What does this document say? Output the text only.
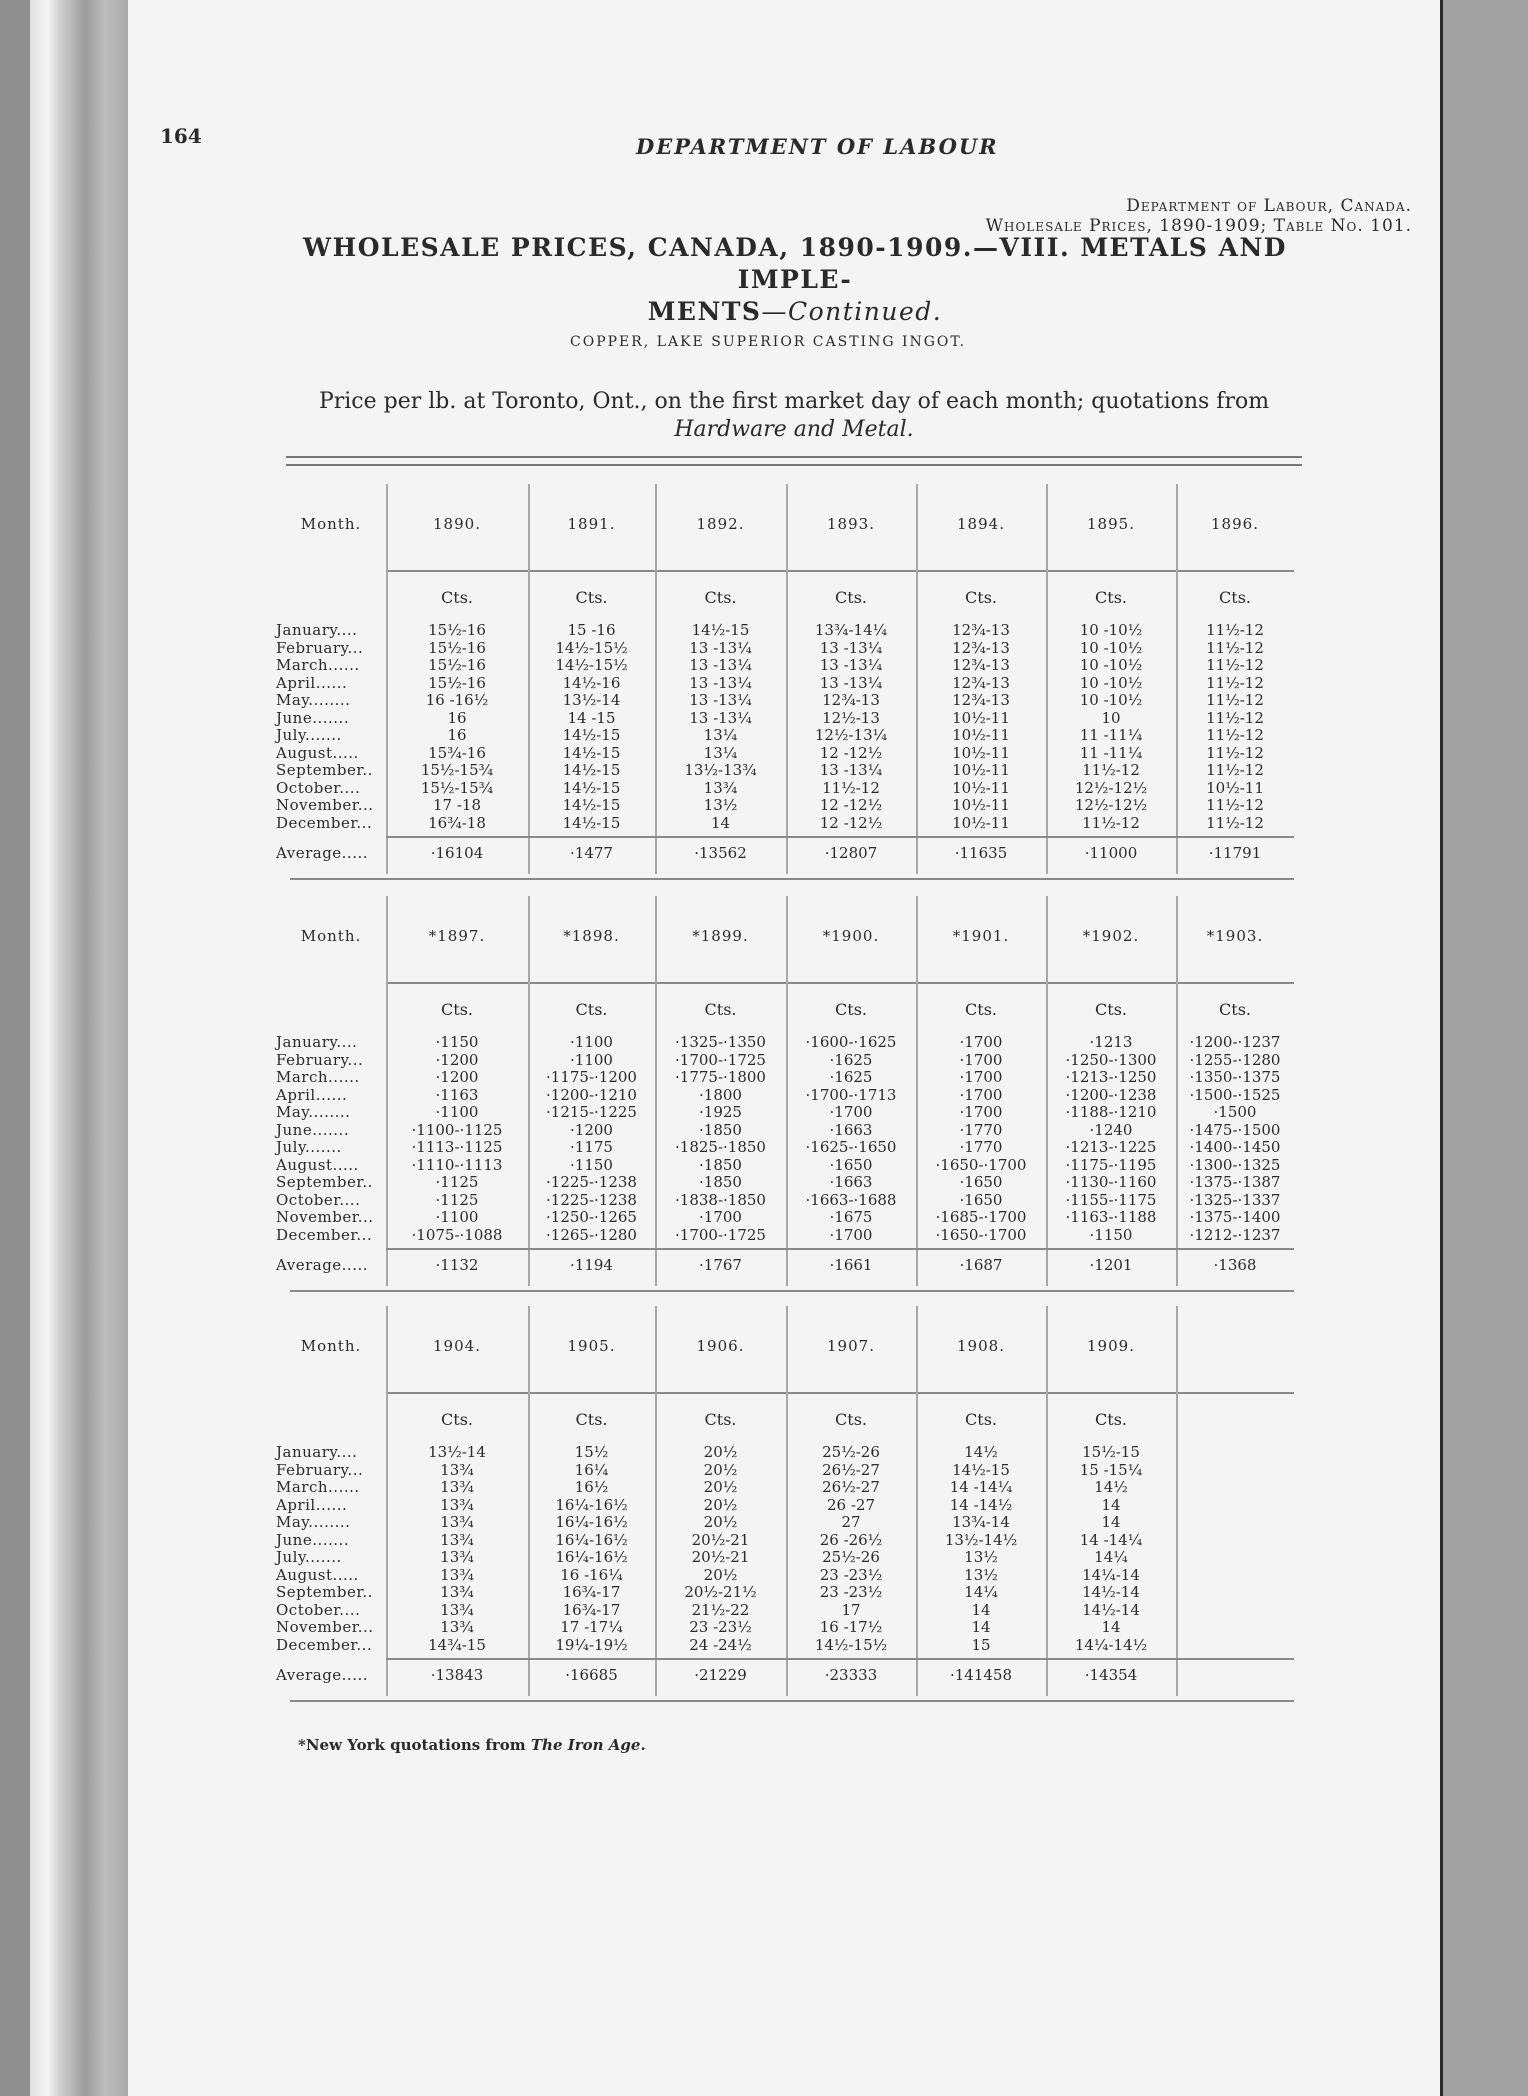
164	DEPARTMENT OF LABOUR
Department of Labour, Canada.
Wholesale Prices, 1890-1909; Table No. 101.
WHOLESALE PRICES, CANADA, 1890-1909.—VIII. METALS AND IMPLE-
MENTS—Continued.
COPPER, LAKE SUPERIOR CASTING INGOT.
Price per lb. at Toronto, Ont., on the first market day of each month; quotations from
Hardware and Metal.
Month.
January....
February...
March......
April......
May........
June.......
July.......
August.....
September..
October....
November...
December...
1890.
Cts.
15½-16
15½-16
15½-16
15½-16
16 -16½
16
16
15¾-16
15½-15¾
15½-15¾
17 -18
16¾-18
·16104
1891.
Cts.
15 -16
14½-15½
14½-15½
14½-16
13½-14
14 -15
14½-15
14½-15
14½-15
14½-15
14½-15
14½-15
·1477
1892.
Cts.
14½-15
13 -13¼
13 -13¼
13 -13¼
13 -13¼
13 -13¼
13¼
13¼
13½-13¾
13¾
13½
14
·13562
1893.
Cts.
13¾-14¼
13 -13¼
13 -13¼
13 -13¼
12¾-13
12½-13
12½-13¼
12 -12½
13 -13¼
11½-12
12 -12½
12 -12½
·12807
1894.
Cts.
12¾-13
12¾-13
12¾-13
12¾-13
12¾-13
10½-11
10½-11
10½-11
10½-11
10½-11
10½-11
10½-11
·11635
1895.
Cts.
10 -10½
10 -10½
10 -10½
10 -10½
10 -10½
10
11 -11¼
11 -11¼
11½-12
12½-12½
12½-12½
11½-12
·11000
1896.
Cts.
11½-12
11½-12
11½-12
11½-12
11½-12
11½-12
11½-12
11½-12
11½-12
10½-11
11½-12
11½-12
·11791
Average.....
Month.
January....
February...
March......
April......
May........
June.......
July.......
August.....
September..
October....
November...
December...
*1897.
Cts.
·1150
·1200
·1200
·1163
·1100
·1100-·1125
·1113-·1125
·1110-·1113
·1125
·1125
·1100
·1075-·1088
·1132
*1898.
Cts.
·1100
·1100
·1175-·1200
·1200-·1210
·1215-·1225
·1200
·1175
·1150
·1225-·1238
·1225-·1238
·1250-·1265
·1265-·1280
·1194
*1899.
Cts.
·1325-·1350
·1700-·1725
·1775-·1800
·1800
·1925
·1850
·1825-·1850
·1850
·1850
·1838-·1850
·1700
·1700-·1725
·1767
*1900.
Cts.
·1600-·1625
·1625
·1625
·1700-·1713
·1700
·1663
·1625-·1650
·1650
·1663
·1663-·1688
·1675
·1700
·1661
*1901.
Cts.
·1700
·1700
·1700
·1700
·1700
·1770
·1770
·1650-·1700
·1650
·1650
·1685-·1700
·1650-·1700
·1687
*1902.
Cts.
·1213
·1250-·1300
·1213-·1250
·1200-·1238
·1188-·1210
·1240
·1213-·1225
·1175-·1195
·1130-·1160
·1155-·1175
·1163-·1188
·1150
·1201
*1903.
Cts.
·1200-·1237
·1255-·1280
·1350-·1375
·1500-·1525
·1500
·1475-·1500
·1400-·1450
·1300-·1325
·1375-·1387
·1325-·1337
·1375-·1400
·1212-·1237
·1368
Average.....
Month.
January....
February...
March......
April......
May........
June.......
July.......
August.....
September..
October....
November...
December...
1904.
Cts.
13½-14
13¾
13¾
13¾
13¾
13¾
13¾
13¾
13¾
13¾
13¾
14¾-15
·13843
1905.
Cts.
15½
16¼
16½
16¼-16½
16¼-16½
16¼-16½
16¼-16½
16 -16¼
16¾-17
16¾-17
17 -17¼
19¼-19½
·16685
1906.
Cts.
20½
20½
20½
20½
20½
20½-21
20½-21
20½
20½-21½
21½-22
23 -23½
24 -24½
·21229
1907.
Cts.
25½-26
26½-27
26½-27
26 -27
27
26 -26½
25½-26
23 -23½
23 -23½
17
16 -17½
14½-15½
·23333
1908.
Cts.
14½
14½-15
14 -14¼
14 -14½
13¾-14
13½-14½
13½
13½
14¼
14
14
15
·141458
1909.
Cts.
15½-15
15 -15¼
14½
14
14
14 -14¼
14¼
14¼-14
14½-14
14½-14
14
14¼-14½
·14354
Average.....
*New York quotations from The Iron Age.
